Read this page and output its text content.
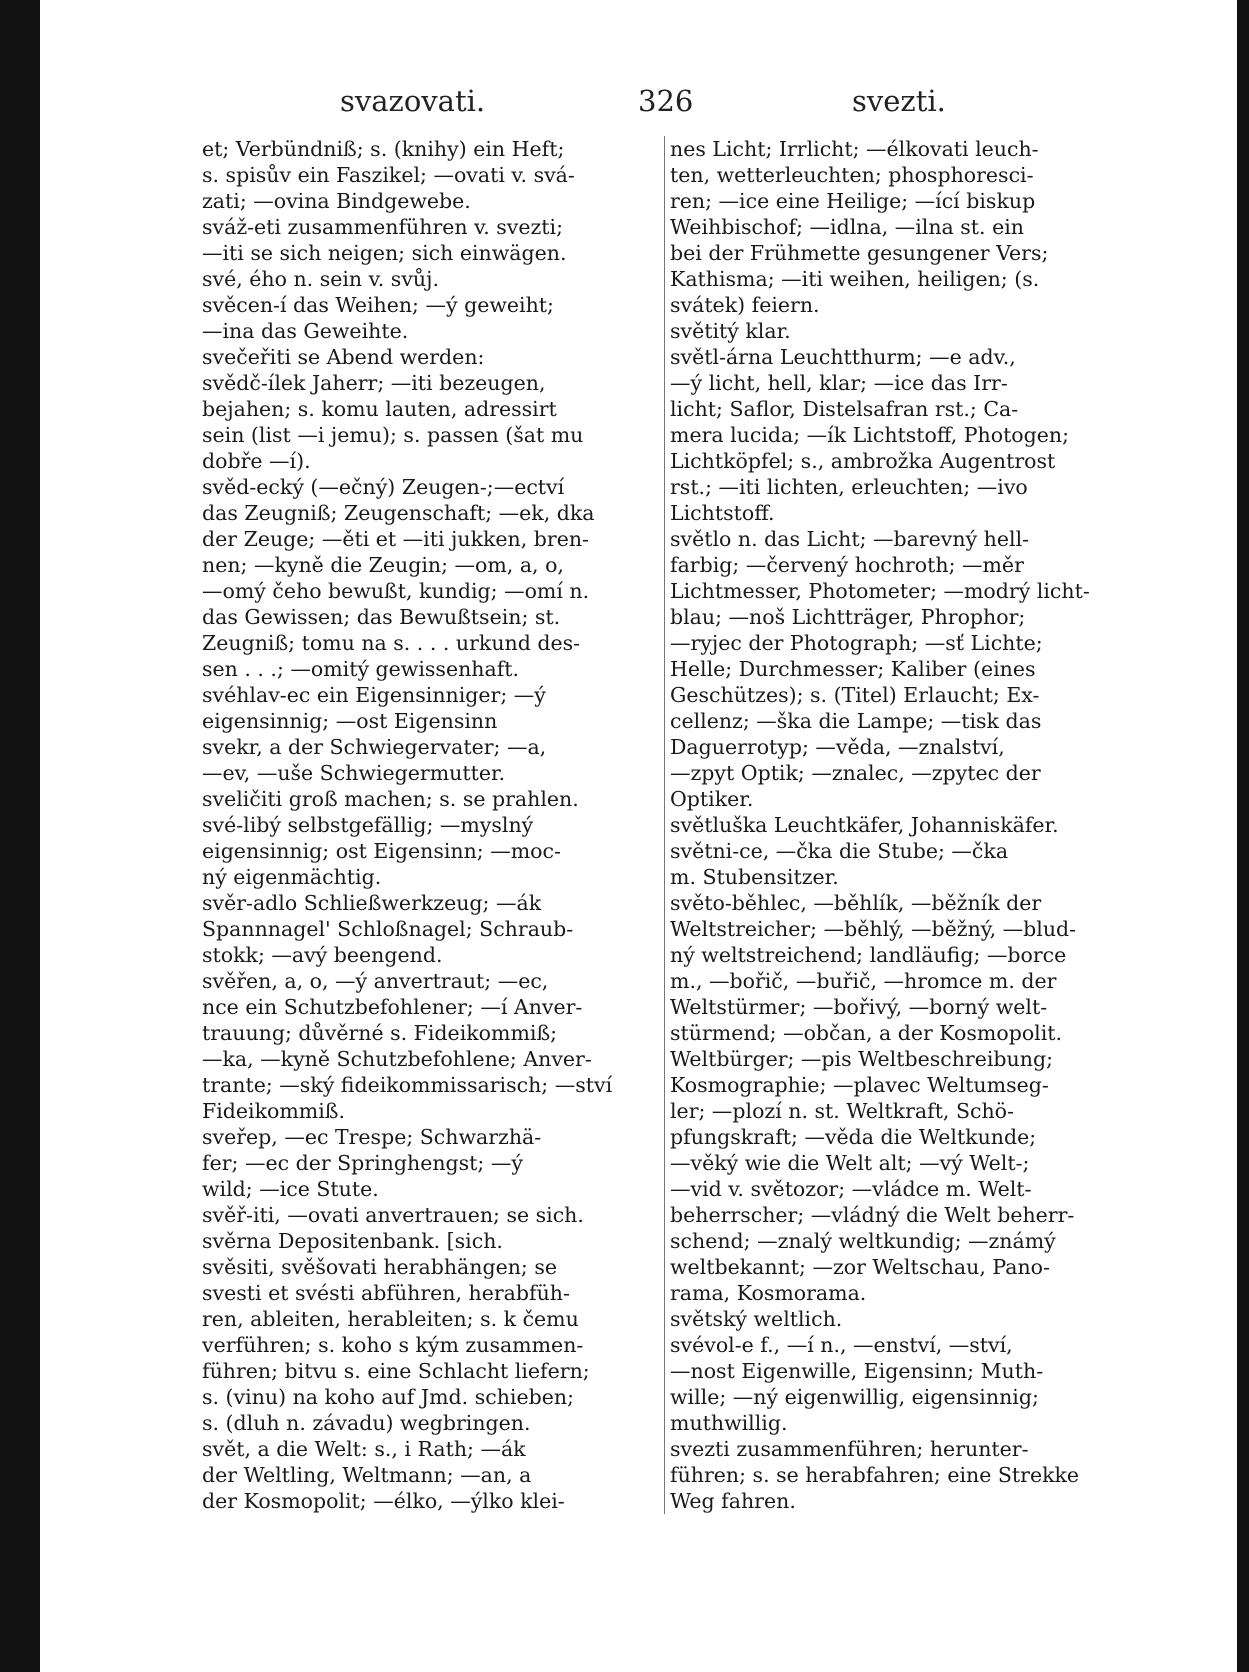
svazovati.	326	svezti.
et; Verbündniß; s. (knihy) ein Heft;
s. spisův ein Faszikel; —ovati v. svá-
zati; —ovina Bindgewebe.
sváž-eti zusammenführen v. svezti;
—iti se sich neigen; sich einwägen.
své, ého n. sein v. svůj.
svěcen-í das Weihen; —ý geweiht;
—ina das Geweihte.
svečeřiti se Abend werden:
svědč-ílek Jaherr; —iti bezeugen,
bejahen; s. komu lauten, adressirt
sein (list —i jemu); s. passen (šat mu
dobře —í).
svěd-ecký (—ečný) Zeugen-;—ectví
das Zeugniß; Zeugenschaft; —ek, dka
der Zeuge; —ěti et —iti jukken, bren-
nen; —kyně die Zeugin; —om, a, o,
—omý čeho bewußt, kundig; —omí n.
das Gewissen; das Bewußtsein; st.
Zeugniß; tomu na s. . . . urkund des-
sen . . .; —omitý gewissenhaft.
svéhlav-ec ein Eigensinniger; —ý
eigensinnig; —ost Eigensinn
svekr, a der Schwiegervater; —a,
—ev, —uše Schwiegermutter.
sveličiti groß machen; s. se prahlen.
své-libý selbstgefällig; —myslný
eigensinnig; ost Eigensinn; —moc-
ný eigenmächtig.
svěr-adlo Schließwerkzeug; —ák
Spannnagel' Schloßnagel; Schraub-
stokk; —avý beengend.
svěřen, a, o, —ý anvertraut; —ec,
nce ein Schutzbefohlener; —í Anver-
trauung; důvěrné s. Fideikommiß;
—ka, —kyně Schutzbefohlene; Anver-
trante; —ský fideikommissarisch; —ství
Fideikommiß.
sveřep, —ec Trespe; Schwarzhä-
fer; —ec der Springhengst; —ý
wild; —ice Stute.
svěř-iti, —ovati anvertrauen; se sich.
svěrna Depositenbank. [sich.
svěsiti, svěšovati herabhängen; se
svesti et svésti abführen, herabfüh-
ren, ableiten, herableiten; s. k čemu
verführen; s. koho s kým zusammen-
führen; bitvu s. eine Schlacht liefern;
s. (vinu) na koho auf Jmd. schieben;
s. (dluh n. závadu) wegbringen.
svět, a die Welt: s., i Rath; —ák
der Weltling, Weltmann; —an, a
der Kosmopolit; —élko, —ýlko klei-
nes Licht; Irrlicht; —élkovati leuch-
ten, wetterleuchten; phosphoresci-
ren; —ice eine Heilige; —ící biskup
Weihbischof; —idlna, —ilna st. ein
bei der Frühmette gesungener Vers;
Kathisma; —iti weihen, heiligen; (s.
svátek) feiern.
světitý klar.
světl-árna Leuchtthurm; —e adv.,
—ý licht, hell, klar; —ice das Irr-
licht; Saflor, Distelsafran rst.; Ca-
mera lucida; —ík Lichtstoff, Photogen;
Lichtköpfel; s., ambrožka Augentrost
rst.; —iti lichten, erleuchten; —ivo
Lichtstoff.
světlo n. das Licht; —barevný hell-
farbig; —červený hochroth; —měr
Lichtmesser, Photometer; —modrý licht-
blau; —noš Lichtträger, Phrophor;
—ryjec der Photograph; —sť Lichte;
Helle; Durchmesser; Kaliber (eines
Geschützes); s. (Titel) Erlaucht; Ex-
cellenz; —ška die Lampe; —tisk das
Daguerrotyp; —věda, —znalství,
—zpyt Optik; —znalec, —zpytec der
Optiker.
světluška Leuchtkäfer, Johanniskäfer.
světni-ce, —čka die Stube; —čka
m. Stubensitzer.
světo-běhlec, —běhlík, —běžník der
Weltstreicher; —běhlý, —běžný, —blud-
ný weltstreichend; landläufig; —borce
m., —bořič, —buřič, —hromce m. der
Weltstürmer; —bořivý, —borný welt-
stürmend; —občan, a der Kosmopolit.
Weltbürger; —pis Weltbeschreibung;
Kosmographie; —plavec Weltumseg-
ler; —plozí n. st. Weltkraft, Schö-
pfungskraft; —věda die Weltkunde;
—věký wie die Welt alt; —vý Welt-;
—vid v. světozor; —vládce m. Welt-
beherrscher; —vládný die Welt beherr-
schend; —znalý weltkundig; —známý
weltbekannt; —zor Weltschau, Pano-
rama, Kosmorama.
světský weltlich.
svévol-e f., —í n., —enství, —ství,
—nost Eigenwille, Eigensinn; Muth-
wille; —ný eigenwillig, eigensinnig;
muthwillig.
svezti zusammenführen; herunter-
führen; s. se herabfahren; eine Strekke
Weg fahren.
